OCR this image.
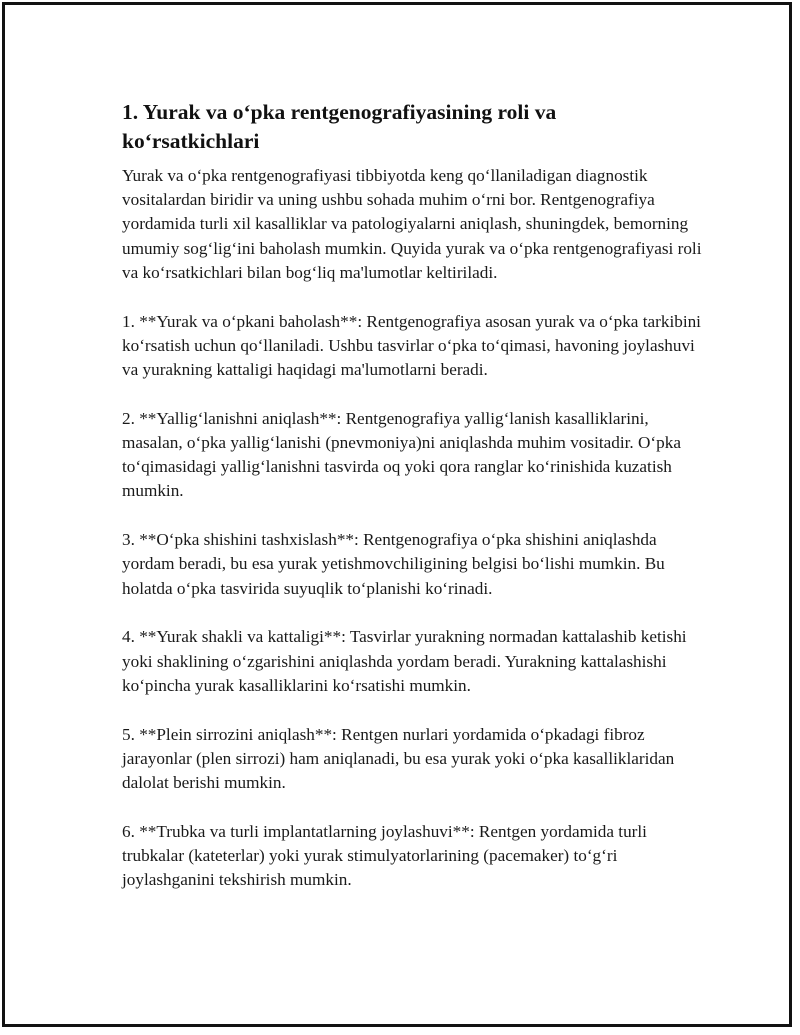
1. Yurak va o‘pka rentgenografiyasining roli va ko‘rsatkichlari

Yurak va o‘pka rentgenografiyasi tibbiyotda keng qo‘llaniladigan diagnostik vositalardan biridir va uning ushbu sohada muhim o‘rni bor. Rentgenografiya yordamida turli xil kasalliklar va patologiyalarni aniqlash, shuningdek, bemorning umumiy sog‘lig‘ini baholash mumkin. Quyida yurak va o‘pka rentgenografiyasi roli va ko‘rsatkichlari bilan bog‘liq ma'lumotlar keltiriladi.

1. **Yurak va o‘pkani baholash**: Rentgenografiya asosan yurak va o‘pka tarkibini ko‘rsatish uchun qo‘llaniladi. Ushbu tasvirlar o‘pka to‘qimasi, havoning joylashuvi va yurakning kattaligi haqidagi ma'lumotlarni beradi.

2. **Yallig‘lanishni aniqlash**: Rentgenografiya yallig‘lanish kasalliklarini, masalan, o‘pka yallig‘lanishi (pnevmoniya)ni aniqlashda muhim vositadir. O‘pka to‘qimasidagi yallig‘lanishni tasvirda oq yoki qora ranglar ko‘rinishida kuzatish mumkin.

3. **O‘pka shishini tashxislash**: Rentgenografiya o‘pka shishini aniqlashda yordam beradi, bu esa yurak yetishmovchiligining belgisi bo‘lishi mumkin. Bu holatda o‘pka tasvirida suyuqlik to‘planishi ko‘rinadi.

4. **Yurak shakli va kattaligi**: Tasvirlar yurakning normadan kattalashib ketishi yoki shaklining o‘zgarishini aniqlashda yordam beradi. Yurakning kattalashishi ko‘pincha yurak kasalliklarini ko‘rsatishi mumkin.

5. **Plein sirrozini aniqlash**: Rentgen nurlari yordamida o‘pkadagi fibroz jarayonlar (plen sirrozi) ham aniqlanadi, bu esa yurak yoki o‘pka kasalliklaridan dalolat berishi mumkin.

6. **Trubka va turli implantatlarning joylashuvi**: Rentgen yordamida turli trubkalar (kateterlar) yoki yurak stimulyatorlarining (pacemaker) to‘g‘ri joylashganini tekshirish mumkin.
